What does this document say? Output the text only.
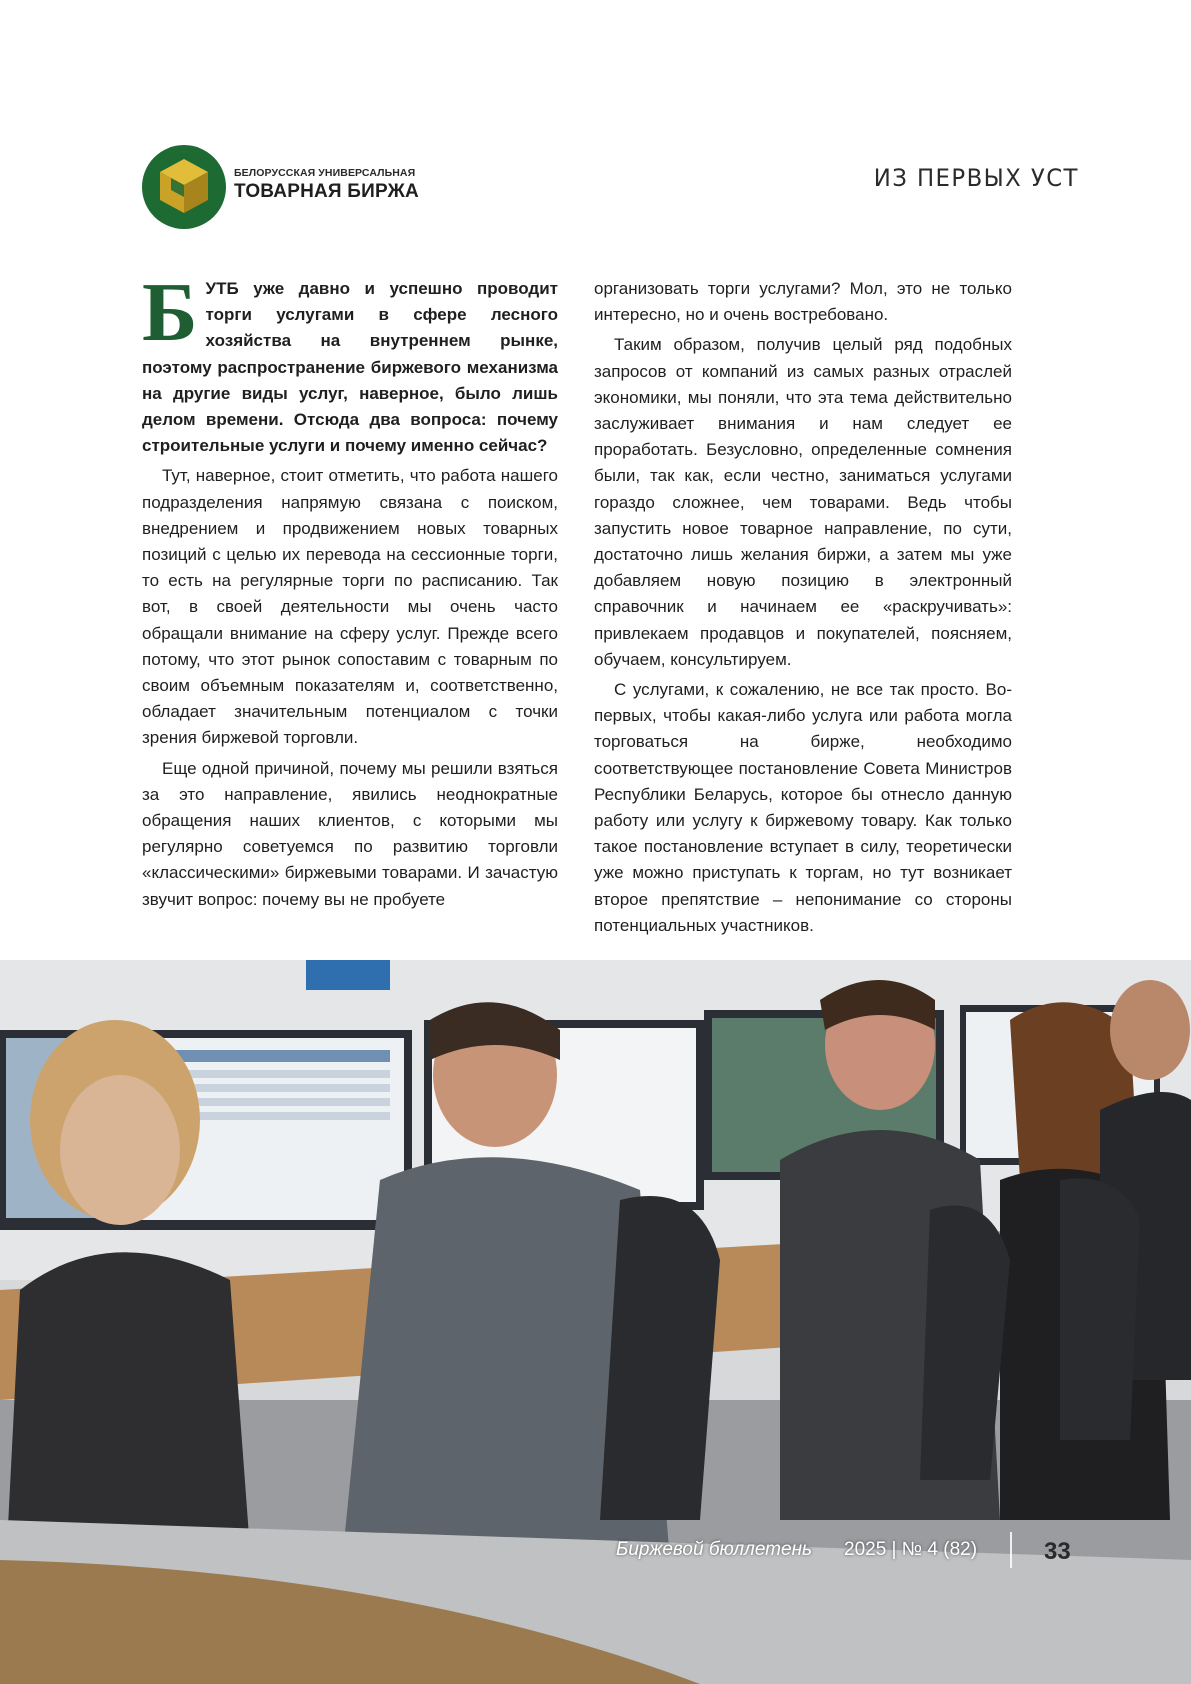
БЕЛОРУССКАЯ УНИВЕРСАЛЬНАЯ
ТОВАРНАЯ БИРЖА	ИЗ ПЕРВЫХ УСТ

БУТБ уже давно и успешно проводит торги услугами в сфере лесного хозяйства на внутреннем рынке, поэтому распространение биржевого механизма на другие виды услуг, наверное, было лишь делом времени. Отсюда два вопроса: почему строительные услуги и почему именно сейчас?

Тут, наверное, стоит отметить, что работа нашего подразделения напрямую связана с поиском, внедрением и продвижением новых товарных позиций с целью их перевода на сессионные торги, то есть на регулярные торги по расписанию. Так вот, в своей деятельности мы очень часто обращали внимание на сферу услуг. Прежде всего потому, что этот рынок сопоставим с товарным по своим объемным показателям и, соответственно, обладает значительным потенциалом с точки зрения биржевой торговли.

Еще одной причиной, почему мы решили взяться за это направление, явились неоднократные обращения наших клиентов, с которыми мы регулярно советуемся по развитию торговли «классическими» биржевыми товарами. И зачастую звучит вопрос: почему вы не пробуете

организовать торги услугами? Мол, это не только интересно, но и очень востребовано.

Таким образом, получив целый ряд подобных запросов от компаний из самых разных отраслей экономики, мы поняли, что эта тема действительно заслуживает внимания и нам следует ее проработать. Безусловно, определенные сомнения были, так как, если честно, заниматься услугами гораздо сложнее, чем товарами. Ведь чтобы запустить новое товарное направление, по сути, достаточно лишь желания биржи, а затем мы уже добавляем новую позицию в электронный справочник и начинаем ее «раскручивать»: привлекаем продавцов и покупателей, поясняем, обучаем, консультируем.

С услугами, к сожалению, не все так просто. Во-первых, чтобы какая-либо услуга или работа могла торговаться на бирже, необходимо соответствующее постановление Совета Министров Республики Беларусь, которое бы отнесло данную работу или услугу к биржевому товару. Как только такое постановление вступает в силу, теоретически уже можно приступать к торгам, но тут возникает второе препятствие – непонимание со стороны потенциальных участников.

Биржевой бюллетень 2025 | № 4 (82)	33
